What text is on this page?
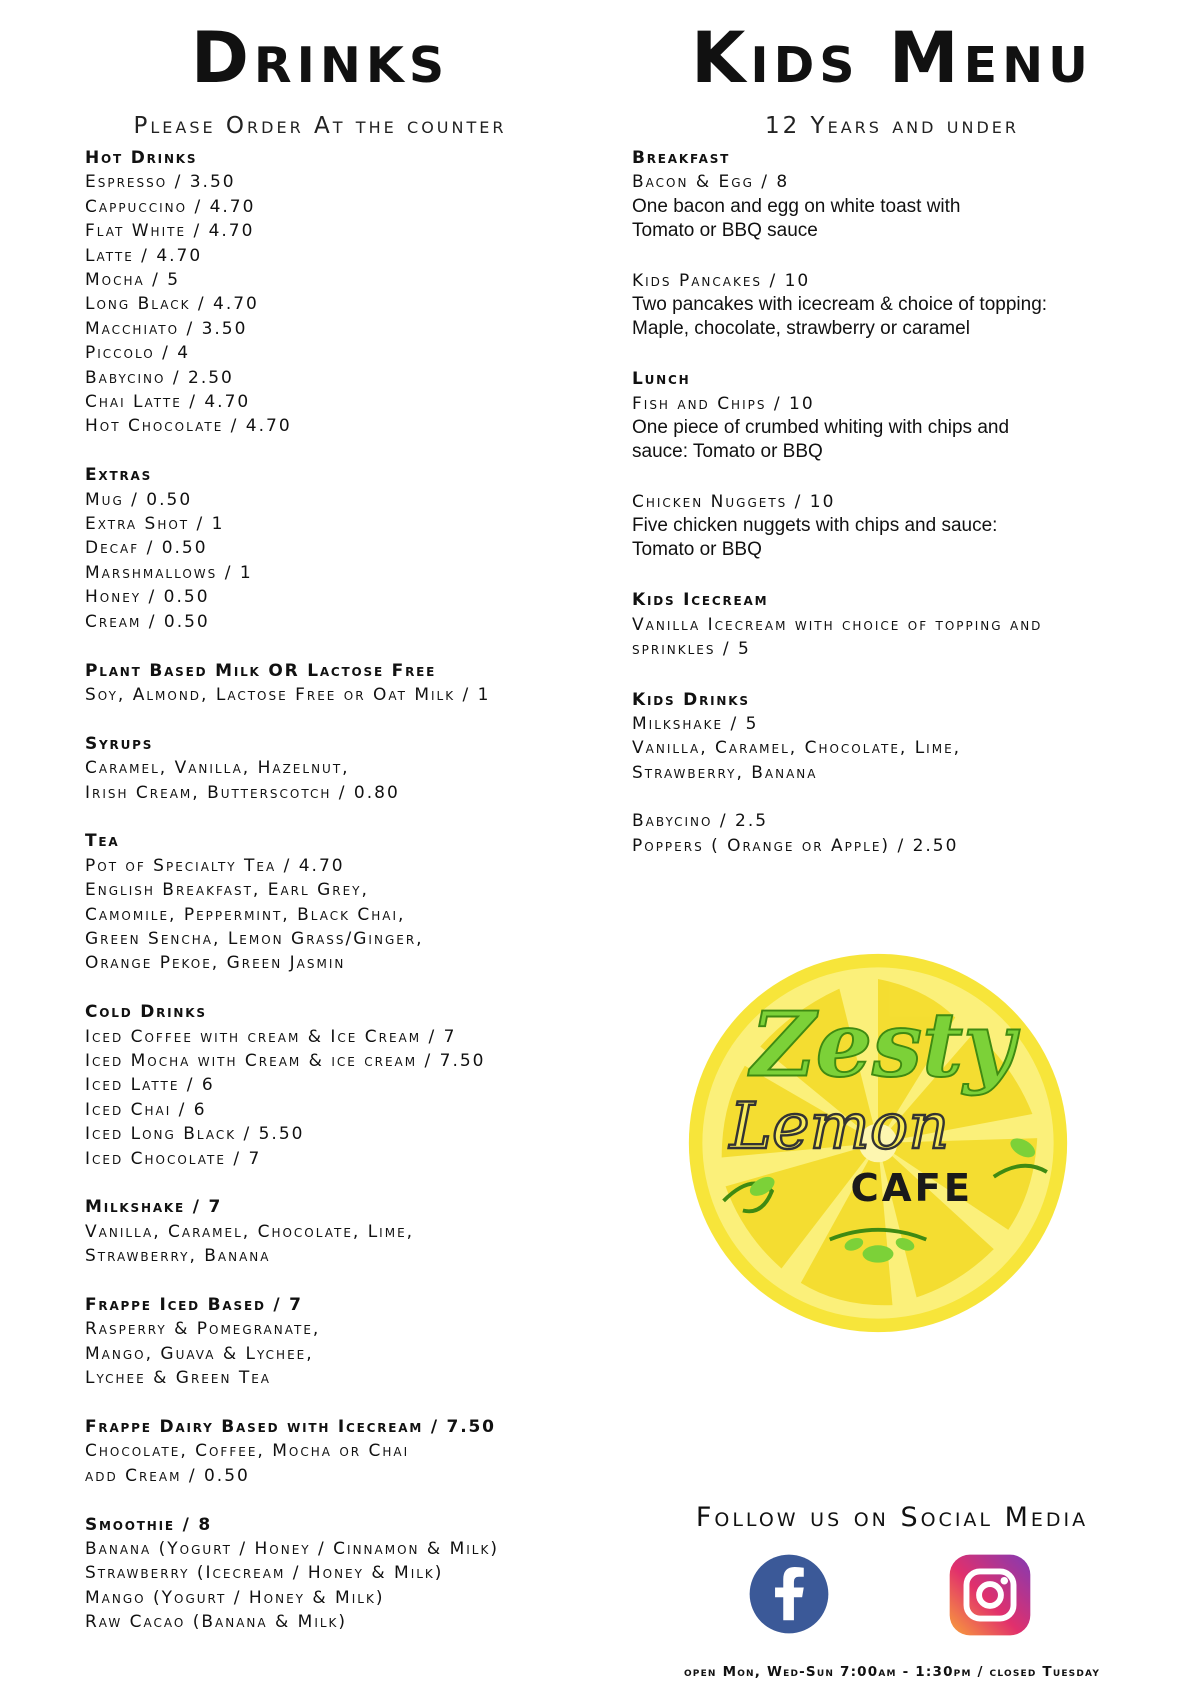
Drinks
Please Order At the counter
Hot Drinks
Espresso / 3.50
Cappuccino / 4.70
Flat White / 4.70
Latte / 4.70
Mocha / 5
Long Black / 4.70
Macchiato / 3.50
Piccolo / 4
Babycino / 2.50
Chai Latte / 4.70
Hot Chocolate / 4.70
Extras
Mug / 0.50
Extra Shot / 1
Decaf / 0.50
Marshmallows / 1
Honey / 0.50
Cream / 0.50
Plant Based Milk OR Lactose Free
Soy, Almond, Lactose Free or Oat Milk / 1
Syrups
Caramel, Vanilla, Hazelnut,
Irish Cream, Butterscotch / 0.80
Tea
Pot of Specialty Tea / 4.70
English Breakfast, Earl Grey,
Camomile, Peppermint, Black Chai,
Green Sencha, Lemon Grass/Ginger,
Orange Pekoe, Green Jasmin
Cold Drinks
Iced Coffee with cream & Ice Cream / 7
Iced Mocha with Cream & ice cream / 7.50
Iced Latte / 6
Iced Chai / 6
Iced Long Black / 5.50
Iced Chocolate / 7
Milkshake / 7
Vanilla, Caramel, Chocolate, Lime,
Strawberry, Banana
Frappe Iced Based / 7
Rasperry & Pomegranate,
Mango, Guava & Lychee,
Lychee & Green Tea
Frappe Dairy Based with Icecream / 7.50
Chocolate, Coffee, Mocha or Chai
add Cream / 0.50
Smoothie / 8
Banana (Yogurt / Honey / Cinnamon & Milk)
Strawberry (Icecream / Honey & Milk)
Mango (Yogurt / Honey & Milk)
Raw Cacao (Banana & Milk)
Kids Menu
12 Years and under
Breakfast
Bacon & Egg / 8
One bacon and egg on white toast with
Tomato or BBQ sauce
Kids Pancakes / 10
Two pancakes with icecream & choice of topping:
Maple, chocolate, strawberry or caramel
Lunch
Fish and Chips / 10
One piece of crumbed whiting with chips and
sauce: Tomato or BBQ
Chicken Nuggets / 10
Five chicken nuggets with chips and sauce:
Tomato or BBQ
Kids Icecream
Vanilla Icecream with choice of topping and
sprinkles / 5
Kids Drinks
Milkshake / 5
Vanilla, Caramel, Chocolate, Lime,
Strawberry, Banana
Babycino / 2.5
Poppers ( Orange or Apple) / 2.50
Zesty
Lemon
CAFE
Follow us on Social Media
open Mon, Wed-Sun 7:00am - 1:30pm / closed Tuesday
